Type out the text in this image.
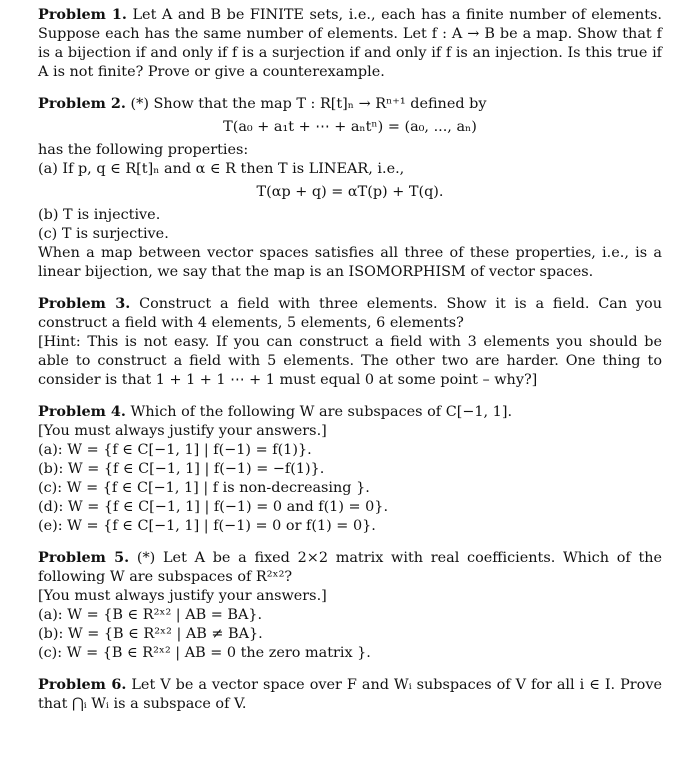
Problem 1. Let A and B be FINITE sets, i.e., each has a finite number of elements. Suppose each has the same number of elements. Let f : A → B be a map. Show that f is a bijection if and only if f is a surjection if and only if f is an injection. Is this true if A is not finite? Prove or give a counterexample.

Problem 2. (*) Show that the map T : R[t]ₙ → Rⁿ⁺¹ defined by

T(a₀ + a₁t + ⋯ + aₙtⁿ) = (a₀, ..., aₙ)

has the following properties:

(a) If p, q ∈ R[t]ₙ and α ∈ R then T is LINEAR, i.e.,

T(αp + q) = αT(p) + T(q).

(b) T is injective.

(c) T is surjective.

When a map between vector spaces satisfies all three of these properties, i.e., is a linear bijection, we say that the map is an ISOMORPHISM of vector spaces.

Problem 3. Construct a field with three elements. Show it is a field. Can you construct a field with 4 elements, 5 elements, 6 elements?

[Hint: This is not easy. If you can construct a field with 3 elements you should be able to construct a field with 5 elements. The other two are harder. One thing to consider is that 1 + 1 + 1 ⋯ + 1 must equal 0 at some point – why?]

Problem 4. Which of the following W are subspaces of C[−1, 1].

[You must always justify your answers.]

(a): W = {f ∈ C[−1, 1] | f(−1) = f(1)}.

(b): W = {f ∈ C[−1, 1] | f(−1) = −f(1)}.

(c): W = {f ∈ C[−1, 1] | f is non-decreasing }.

(d): W = {f ∈ C[−1, 1] | f(−1) = 0 and f(1) = 0}.

(e): W = {f ∈ C[−1, 1] | f(−1) = 0 or f(1) = 0}.

Problem 5. (*) Let A be a fixed 2×2 matrix with real coefficients. Which of the following W are subspaces of R²ˣ²?

[You must always justify your answers.]

(a): W = {B ∈ R²ˣ² | AB = BA}.

(b): W = {B ∈ R²ˣ² | AB ≠ BA}.

(c): W = {B ∈ R²ˣ² | AB = 0 the zero matrix }.

Problem 6. Let V be a vector space over F and Wᵢ subspaces of V for all i ∈ I. Prove that ⋂ᵢ Wᵢ is a subspace of V.
